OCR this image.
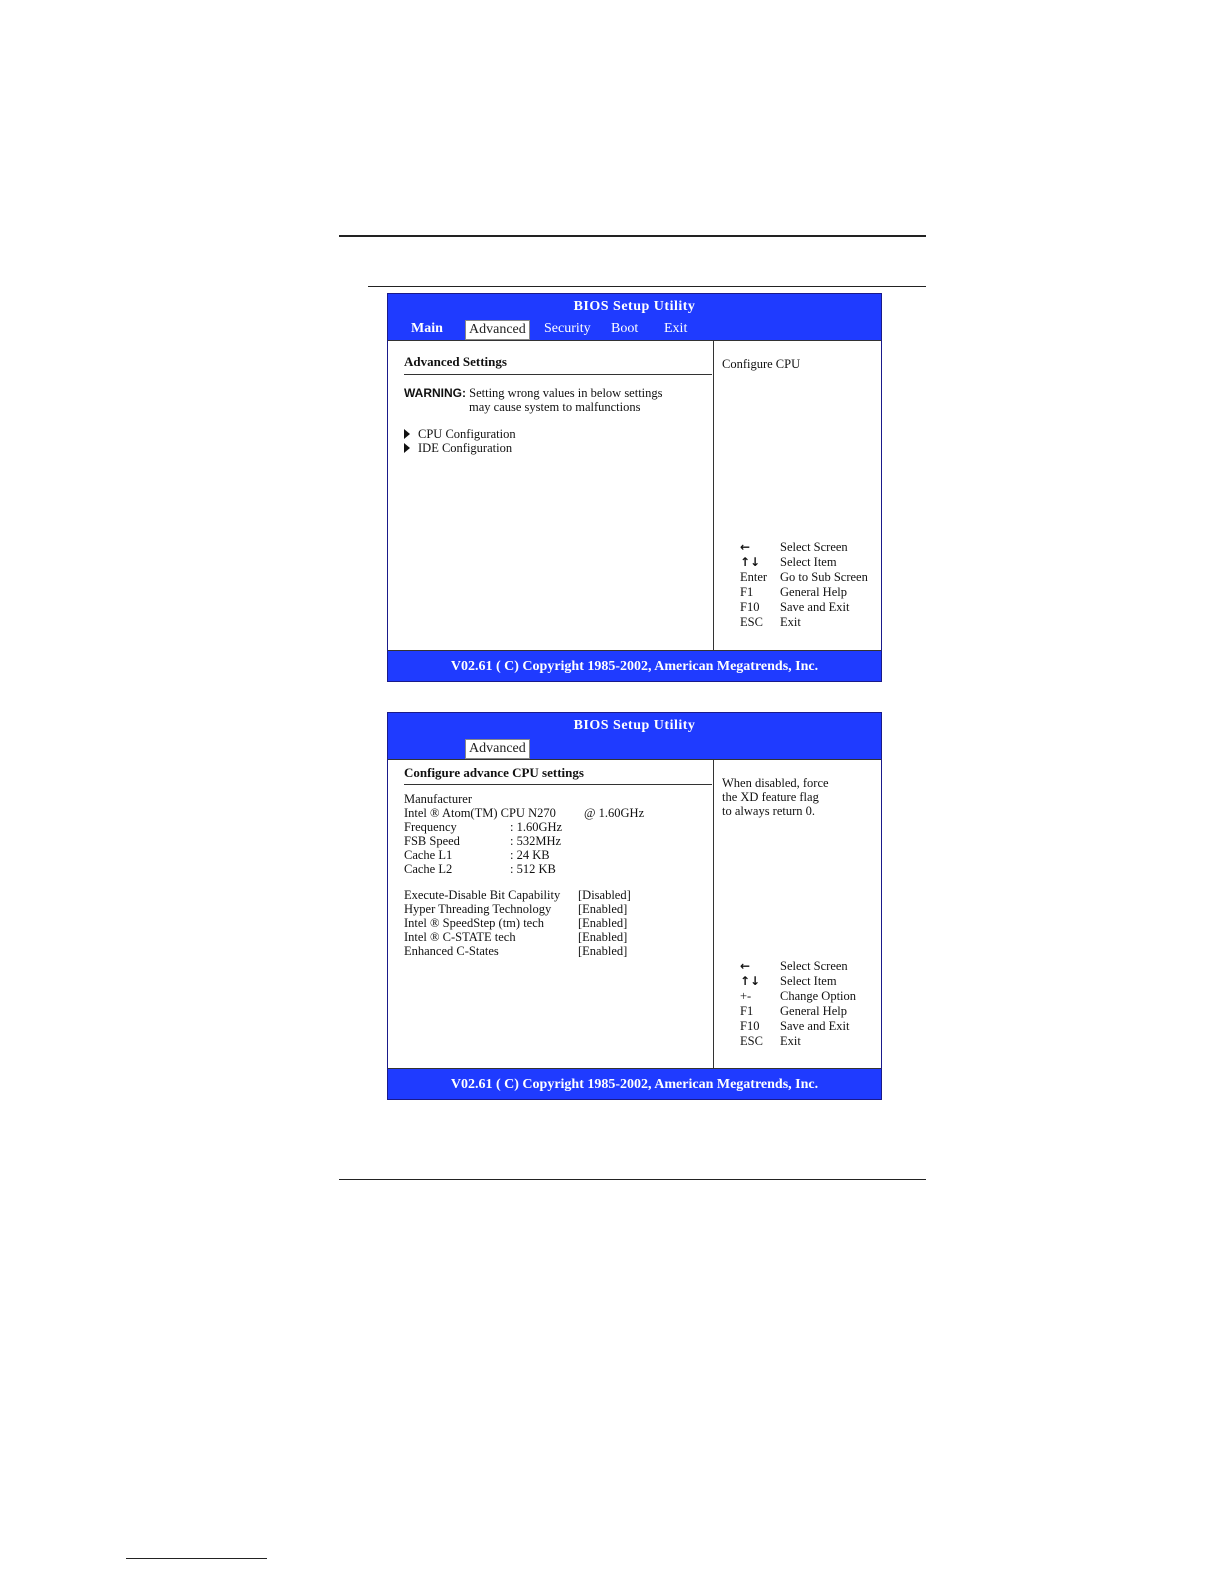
BIOS Setup Utility
Main Advanced Security Boot Exit
Advanced Settings
WARNING: Setting wrong values in below settings
may cause system to malfunctions
CPU Configuration
IDE Configuration
Configure CPU
←	Select Screen
↑↓	Select Item
Enter	Go to Sub Screen
F1	General Help
F10	Save and Exit
ESC	Exit
V02.61 ( C) Copyright 1985-2002, American Megatrends, Inc.
BIOS Setup Utility
Advanced
Configure advance CPU settings
Manufacturer
Intel ® Atom(TM) CPU N270 @ 1.60GHz
Frequency	: 1.60GHz
FSB Speed	: 532MHz
Cache L1	: 24 KB
Cache L2	: 512 KB
Execute-Disable Bit Capability [Disabled]
Hyper Threading Technology [Enabled]
Intel ® SpeedStep (tm) tech	[Enabled]
Intel ® C-STATE tech	[Enabled]
Enhanced C-States	[Enabled]
When disabled, force
the XD feature flag
to always return 0.
←	Select Screen
↑↓	Select Item
+-	Change Option
F1	General Help
F10	Save and Exit
ESC	Exit
V02.61 ( C) Copyright 1985-2002, American Megatrends, Inc.
